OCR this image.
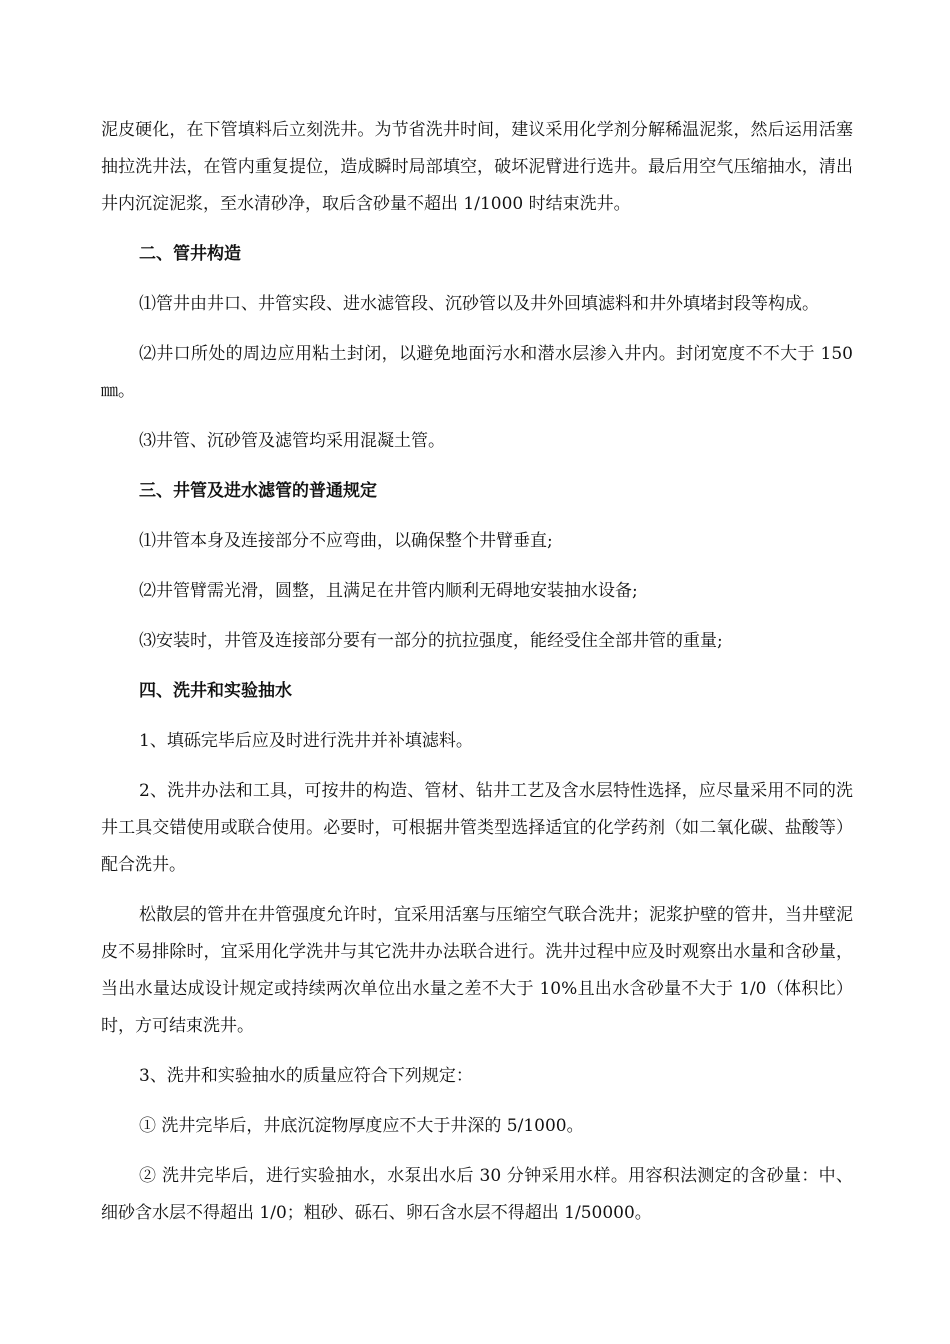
泥皮硬化，在下管填料后立刻洗井。为节省洗井时间，建议采用化学剂分解稀温泥浆，然后运用活塞抽拉洗井法，在管内重复提位，造成瞬时局部填空，破坏泥臂进行选井。最后用空气压缩抽水，清出井内沉淀泥浆，至水清砂净，取后含砂量不超出 1/1000 时结束洗井。

二、管井构造

⑴管井由井口、井管实段、进水滤管段、沉砂管以及井外回填滤料和井外填堵封段等构成。

⑵井口所处的周边应用粘土封闭，以避免地面污水和潜水层渗入井内。封闭宽度不不大于 150㎜。

⑶井管、沉砂管及滤管均采用混凝土管。

三、井管及进水滤管的普通规定

⑴井管本身及连接部分不应弯曲，以确保整个井臂垂直;

⑵井管臂需光滑，圆整，且满足在井管内顺利无碍地安装抽水设备;

⑶安装时，井管及连接部分要有一部分的抗拉强度，能经受住全部井管的重量;

四、洗井和实验抽水

1、填砾完毕后应及时进行洗井并补填滤料。

2、洗井办法和工具，可按井的构造、管材、钻井工艺及含水层特性选择，应尽量采用不同的洗井工具交错使用或联合使用。必要时，可根据井管类型选择适宜的化学药剂（如二氧化碳、盐酸等）配合洗井。

松散层的管井在井管强度允许时，宜采用活塞与压缩空气联合洗井；泥浆护壁的管井，当井壁泥皮不易排除时，宜采用化学洗井与其它洗井办法联合进行。洗井过程中应及时观察出水量和含砂量，当出水量达成设计规定或持续两次单位出水量之差不大于 10%且出水含砂量不大于 1/0（体积比）时，方可结束洗井。

3、洗井和实验抽水的质量应符合下列规定：

① 洗井完毕后，井底沉淀物厚度应不大于井深的 5/1000。

② 洗井完毕后，进行实验抽水，水泵出水后 30 分钟采用水样。用容积法测定的含砂量：中、细砂含水层不得超出 1/0；粗砂、砾石、卵石含水层不得超出 1/50000。
